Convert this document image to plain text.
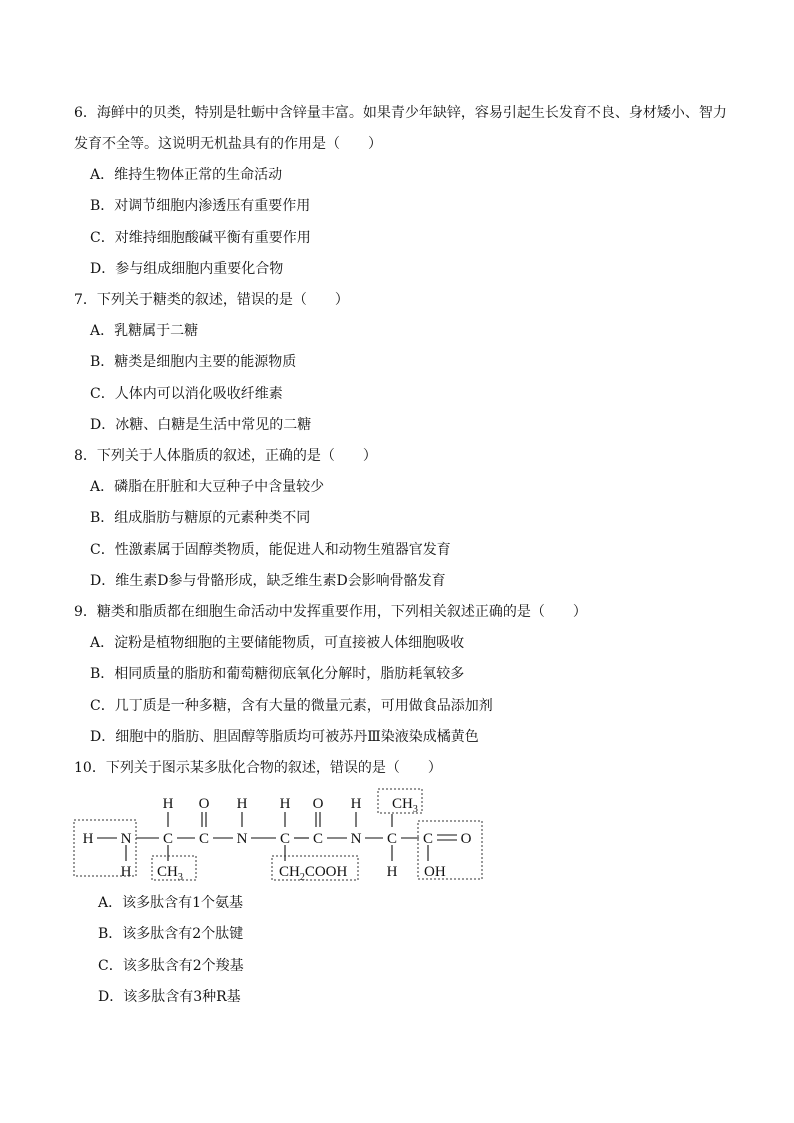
6．海鲜中的贝类，特别是牡蛎中含锌量丰富。如果青少年缺锌，容易引起生长发育不良、身材矮小、智力
发育不全等。这说明无机盐具有的作用是（　　）
A．维持生物体正常的生命活动
B．对调节细胞内渗透压有重要作用
C．对维持细胞酸碱平衡有重要作用
D．参与组成细胞内重要化合物
7．下列关于糖类的叙述，错误的是（　　）
A．乳糖属于二糖
B．糖类是细胞内主要的能源物质
C．人体内可以消化吸收纤维素
D．冰糖、白糖是生活中常见的二糖
8．下列关于人体脂质的叙述，正确的是（　　）
A．磷脂在肝脏和大豆种子中含量较少
B．组成脂肪与糖原的元素种类不同
C．性激素属于固醇类物质，能促进人和动物生殖器官发育
D．维生素D参与骨骼形成，缺乏维生素D会影响骨骼发育
9．糖类和脂质都在细胞生命活动中发挥重要作用，下列相关叙述正确的是（　　）
A．淀粉是植物细胞的主要储能物质，可直接被人体细胞吸收
B．相同质量的脂肪和葡萄糖彻底氧化分解时，脂肪耗氧较多
C．几丁质是一种多糖，含有大量的微量元素，可用做食品添加剂
D．细胞中的脂肪、胆固醇等脂质均可被苏丹Ⅲ染液染成橘黄色
10．下列关于图示某多肽化合物的叙述，错误的是（　　）
H O H H O H $CH_3$
H N C C N C C N C C O
H $CH_3$	$CH_2COOH$	H OH
A．该多肽含有1个氨基
B．该多肽含有2个肽键
C．该多肽含有2个羧基
D．该多肽含有3种R基
